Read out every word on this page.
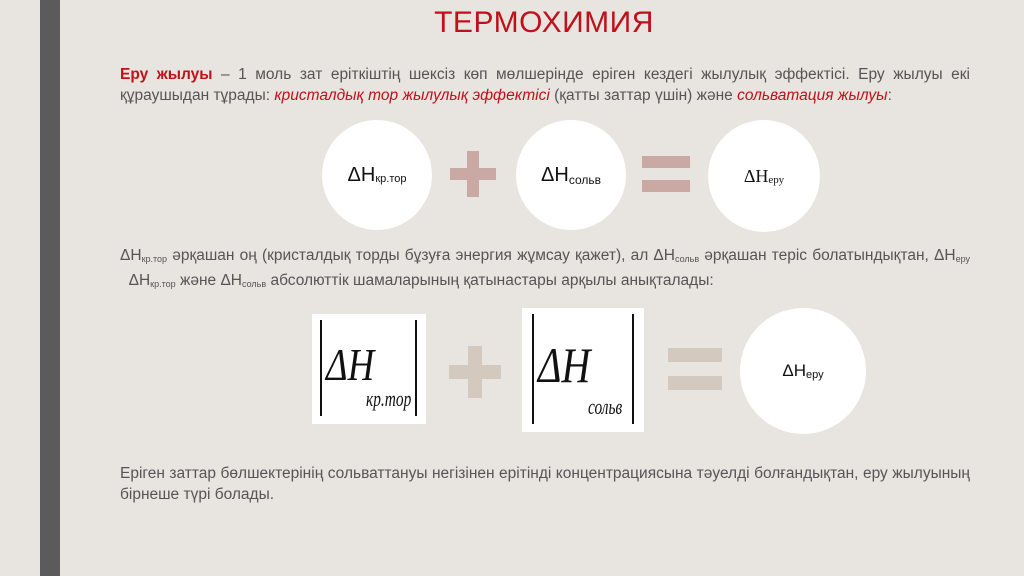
ТЕРМОХИМИЯ
Еру жылуы – 1 моль зат еріткіштің шексіз көп мөлшерінде еріген кездегі жылулық эффектісі. Еру жылуы екі құраушыдан тұрады: кристалдық тор жылулық эффектісі (қатты заттар үшін) және сольватация жылуы:
ΔH кр.тор	ΔH сольв	ΔH еру
$\Delta H_{кр.тор}$ әрқашан оң (кристалдық торды бұзуға энергия жұмсау қажет), ал $\Delta H_{сольв}$ әрқашан теріс болатындықтан, $\Delta H_{еру}$  $\Delta H_{кр.тор}$ және $\Delta H_{сольв}$ абсолюттік шамаларының қатынастары арқылы анықталады:
ΔH
кр.тор
ΔH
сольв
ΔH еру
Еріген заттар бөлшектерінің сольваттануы негізінен ерітінді концентрациясына тәуелді болғандықтан, еру жылуының бірнеше түрі болады.
